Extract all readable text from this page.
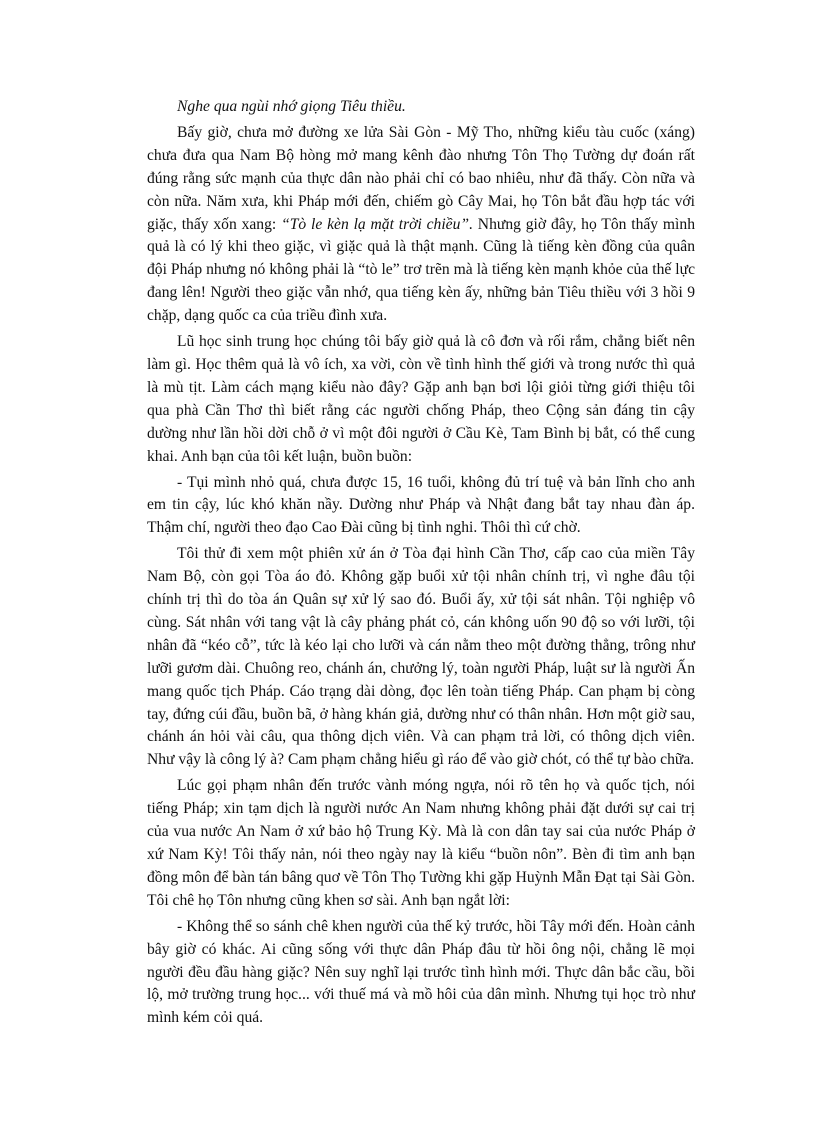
Nghe qua ngùi nhớ giọng Tiêu thiều.

Bấy giờ, chưa mở đường xe lửa Sài Gòn - Mỹ Tho, những kiểu tàu cuốc (xáng) chưa đưa qua Nam Bộ hòng mở mang kênh đào nhưng Tôn Thọ Tường dự đoán rất đúng rằng sức mạnh của thực dân nào phải chỉ có bao nhiêu, như đã thấy. Còn nữa và còn nữa. Năm xưa, khi Pháp mới đến, chiếm gò Cây Mai, họ Tôn bắt đầu hợp tác với giặc, thấy xốn xang: “Tò le kèn lạ mặt trời chiều”. Nhưng giờ đây, họ Tôn thấy mình quả là có lý khi theo giặc, vì giặc quả là thật mạnh. Cũng là tiếng kèn đồng của quân đội Pháp nhưng nó không phải là “tò le” trơ trẽn mà là tiếng kèn mạnh khỏe của thế lực đang lên! Người theo giặc vẫn nhớ, qua tiếng kèn ấy, những bản Tiêu thiều với 3 hồi 9 chặp, dạng quốc ca của triều đình xưa.

Lũ học sinh trung học chúng tôi bấy giờ quả là cô đơn và rối rắm, chẳng biết nên làm gì. Học thêm quả là vô ích, xa vời, còn về tình hình thế giới và trong nước thì quả là mù tịt. Làm cách mạng kiểu nào đây? Gặp anh bạn bơi lội giỏi từng giới thiệu tôi qua phà Cần Thơ thì biết rằng các người chống Pháp, theo Cộng sản đáng tin cậy dường như lần hồi dời chỗ ở vì một đôi người ở Cầu Kè, Tam Bình bị bắt, có thể cung khai. Anh bạn của tôi kết luận, buồn buồn:

- Tụi mình nhỏ quá, chưa được 15, 16 tuổi, không đủ trí tuệ và bản lĩnh cho anh em tin cậy, lúc khó khăn nầy. Dường như Pháp và Nhật đang bắt tay nhau đàn áp. Thậm chí, người theo đạo Cao Đài cũng bị tình nghi. Thôi thì cứ chờ.

Tôi thử đi xem một phiên xử án ở Tòa đại hình Cần Thơ, cấp cao của miền Tây Nam Bộ, còn gọi Tòa áo đỏ. Không gặp buổi xử tội nhân chính trị, vì nghe đâu tội chính trị thì do tòa án Quân sự xử lý sao đó. Buổi ấy, xử tội sát nhân. Tội nghiệp vô cùng. Sát nhân với tang vật là cây phảng phát cỏ, cán không uốn 90 độ so với lưỡi, tội nhân đã “kéo cỗ”, tức là kéo lại cho lưỡi và cán nằm theo một đường thẳng, trông như lưỡi gươm dài. Chuông reo, chánh án, chưởng lý, toàn người Pháp, luật sư là người Ấn mang quốc tịch Pháp. Cáo trạng dài dòng, đọc lên toàn tiếng Pháp. Can phạm bị còng tay, đứng cúi đầu, buồn bã, ở hàng khán giả, dường như có thân nhân. Hơn một giờ sau, chánh án hỏi vài câu, qua thông dịch viên. Và can phạm trả lời, có thông dịch viên. Như vậy là công lý à? Cam phạm chẳng hiểu gì ráo để vào giờ chót, có thể tự bào chữa.

Lúc gọi phạm nhân đến trước vành móng ngựa, nói rõ tên họ và quốc tịch, nói tiếng Pháp; xin tạm dịch là người nước An Nam nhưng không phải đặt dưới sự cai trị của vua nước An Nam ở xứ bảo hộ Trung Kỳ. Mà là con dân tay sai của nước Pháp ở xứ Nam Kỳ! Tôi thấy nản, nói theo ngày nay là kiểu “buồn nôn”. Bèn đi tìm anh bạn đồng môn để bàn tán bâng quơ về Tôn Thọ Tường khi gặp Huỳnh Mẫn Đạt tại Sài Gòn. Tôi chê họ Tôn nhưng cũng khen sơ sài. Anh bạn ngắt lời:

- Không thể so sánh chê khen người của thế kỷ trước, hồi Tây mới đến. Hoàn cảnh bây giờ có khác. Ai cũng sống với thực dân Pháp đâu từ hồi ông nội, chẳng lẽ mọi người đều đầu hàng giặc? Nên suy nghĩ lại trước tình hình mới. Thực dân bắc cầu, bồi lộ, mở trường trung học... với thuế má và mồ hôi của dân mình. Nhưng tụi học trò như mình kém cỏi quá.
